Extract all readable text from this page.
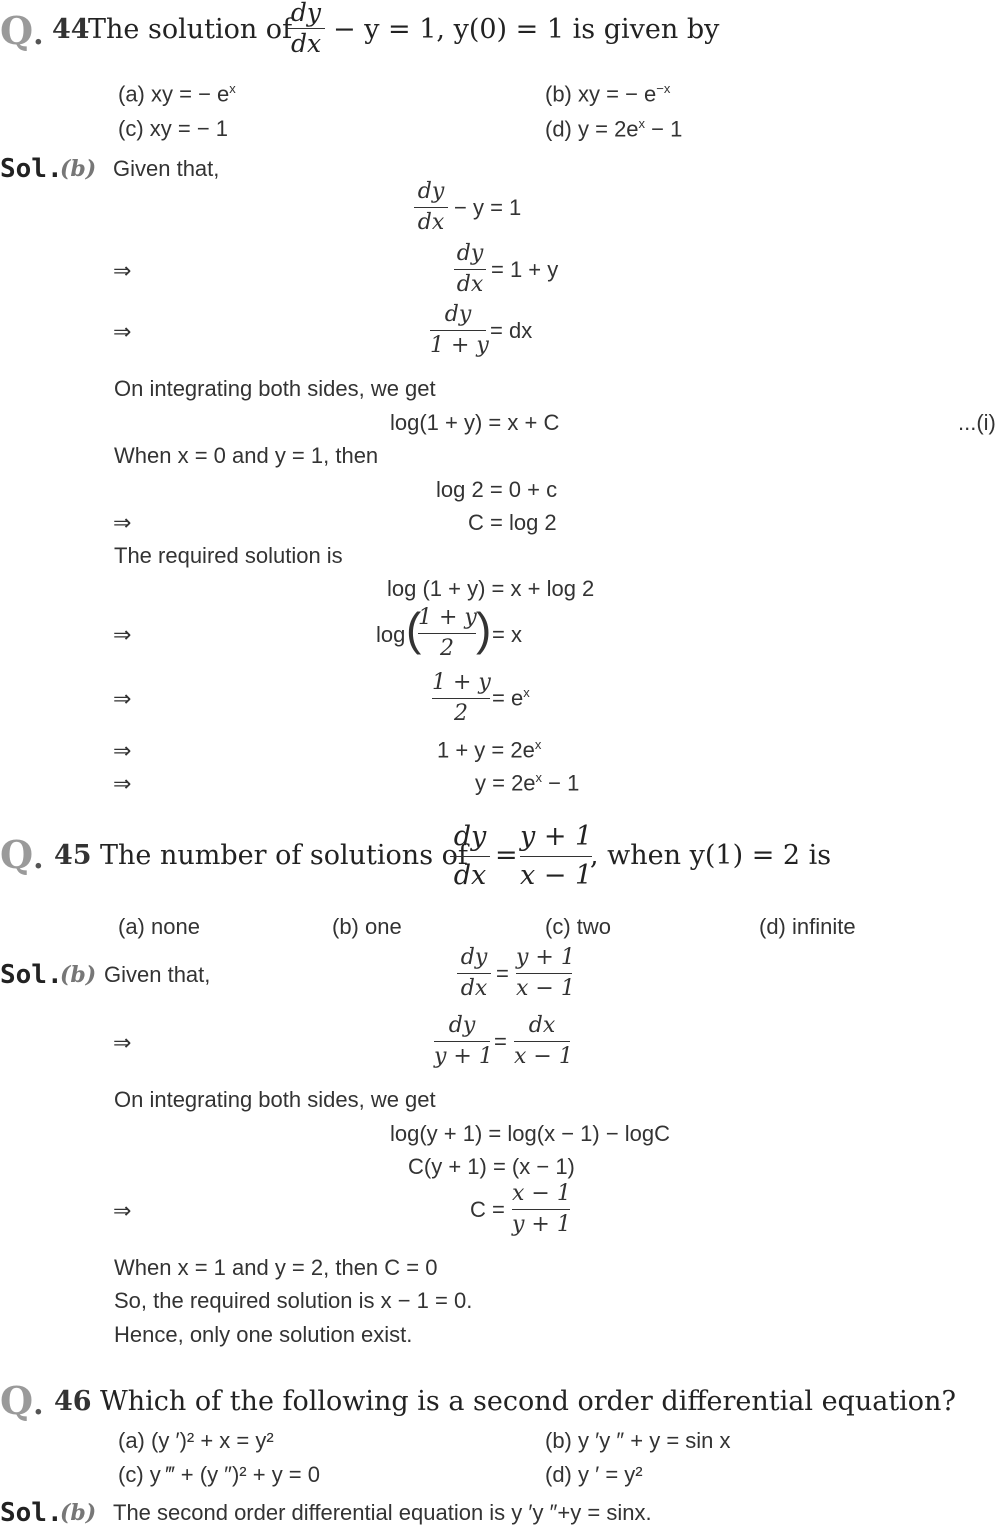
Q. 44
The solution of
dy
dx − y = 1, y(0) = 1 is given by
(a) xy = − $e^x$	(b) xy = − $e^{-x}$
(c) xy = − 1	(d) $y = 2e^x - 1$
Sol.
(b) Given that,
dy
dx
− y = 1
⇒
dy
dx
= 1 + y
⇒
dy
1 + y
= dx
On integrating both sides, we get
log(1 + y) = x + C	...(i)
When x = 0 and y = 1, then
log 2 = 0 + c
⇒	C = log 2
The required solution is
log (1 + y) = x + log 2
⇒	log (
1 + y
2 ) = x
⇒
1 + y
2
= $e^x$
⇒	$1 + y = 2e^x$
⇒	$y = 2e^x - 1$
Q. 45 The number of solutions of
dy
dx
=
y + 1
x − 1
, when y(1) = 2 is
(a) none	(b) one	(c) two	(d) infinite
Sol.
(b) Given that,
dy
dx
=
y + 1
x − 1
⇒
dy
y + 1
=
dx
x − 1
On integrating both sides, we get
log(y + 1) = log(x − 1) − logC
C(y + 1) = (x − 1)
⇒	C =
x − 1
y + 1
When x = 1 and y = 2, then C = 0
So, the required solution is x − 1 = 0.
Hence, only one solution exist.
Q. 46 Which of the following is a second order differential equation?
(a) (y ′)² + x = y²	(b) y ′y ″ + y = sin x
(c) y ‴ + (y ″)² + y = 0	(d) y ′ = y²
Sol.
(b) The second order differential equation is y ′y ″+y = sinx.
